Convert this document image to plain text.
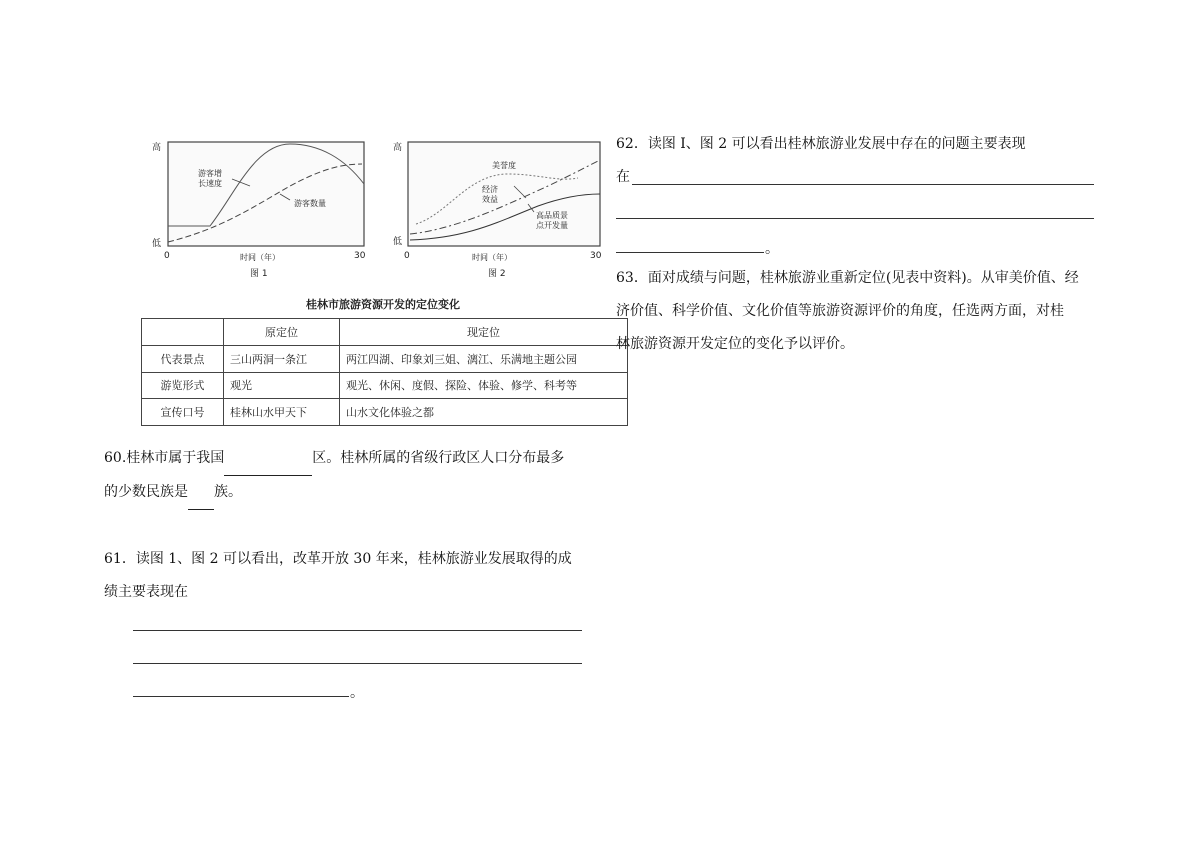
高
低
0	30
时间（年）
图 1
游客增
长速度
游客数量
高
低
0	30
时间（年）
图 2
美誉度
经济
效益
高品质景
点开发量
桂林市旅游资源开发的定位变化
	原定位	现定位
代表景点	三山两洞一条江	两江四湖、印象刘三姐、漓江、乐满地主题公园
游览形式	观光	观光、休闲、度假、探险、体验、修学、科考等
宣传口号	桂林山水甲天下	山水文化体验之都
60.桂林市属于我国	区。桂林所属的省级行政区人口分布最多
的少数民族是 族。
61．读图 1、图 2 可以看出，改革开放 30 年来，桂林旅游业发展取得的成
绩主要表现在
。
62．读图 I、图 2 可以看出桂林旅游业发展中存在的问题主要表现
在
。
63．面对成绩与问题，桂林旅游业重新定位(见表中资料)。从审美价值、经
济价值、科学价值、文化价值等旅游资源评价的角度，任选两方面，对桂
林旅游资源开发定位的变化予以评价。
